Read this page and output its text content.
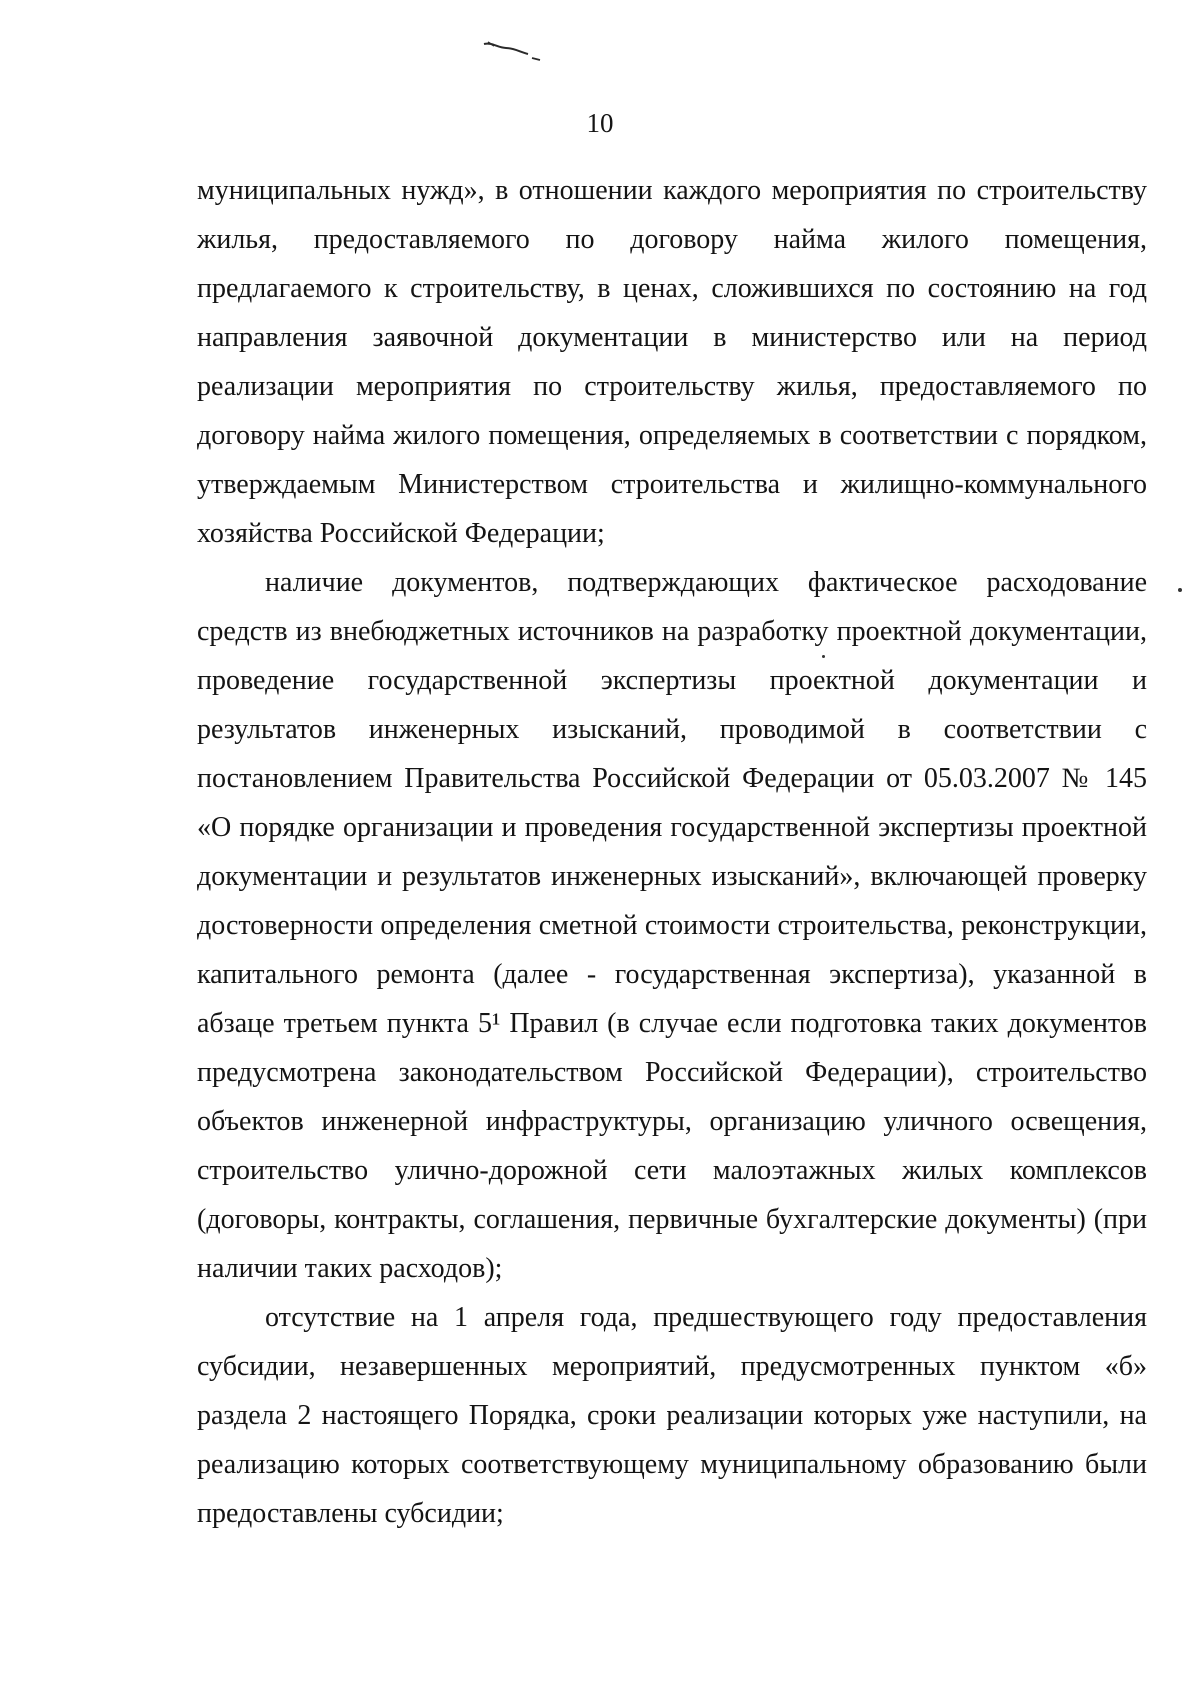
10

муниципальных нужд», в отношении каждого мероприятия по строительству жилья, предоставляемого по договору найма жилого помещения, предлагаемого к строительству, в ценах, сложившихся по состоянию на год направления заявочной документации в министерство или на период реализации мероприятия по строительству жилья, предоставляемого по договору найма жилого помещения, определяемых в соответствии с порядком, утверждаемым Министерством строительства и жилищно-коммунального хозяйства Российской Федерации;

наличие документов, подтверждающих фактическое расходование средств из внебюджетных источников на разработку проектной документации, проведение государственной экспертизы проектной документации и результатов инженерных изысканий, проводимой в соответствии с постановлением Правительства Российской Федерации от 05.03.2007 № 145 «О порядке организации и проведения государственной экспертизы проектной документации и результатов инженерных изысканий», включающей проверку достоверности определения сметной стоимости строительства, реконструкции, капитального ремонта (далее - государственная экспертиза), указанной в абзаце третьем пункта 5¹ Правил (в случае если подготовка таких документов предусмотрена законодательством Российской Федерации), строительство объектов инженерной инфраструктуры, организацию уличного освещения, строительство улично-дорожной сети малоэтажных жилых комплексов (договоры, контракты, соглашения, первичные бухгалтерские документы) (при наличии таких расходов);

отсутствие на 1 апреля года, предшествующего году предоставления субсидии, незавершенных мероприятий, предусмотренных пунктом «б» раздела 2 настоящего Порядка, сроки реализации которых уже наступили, на реализацию которых соответствующему муниципальному образованию были предоставлены субсидии;
